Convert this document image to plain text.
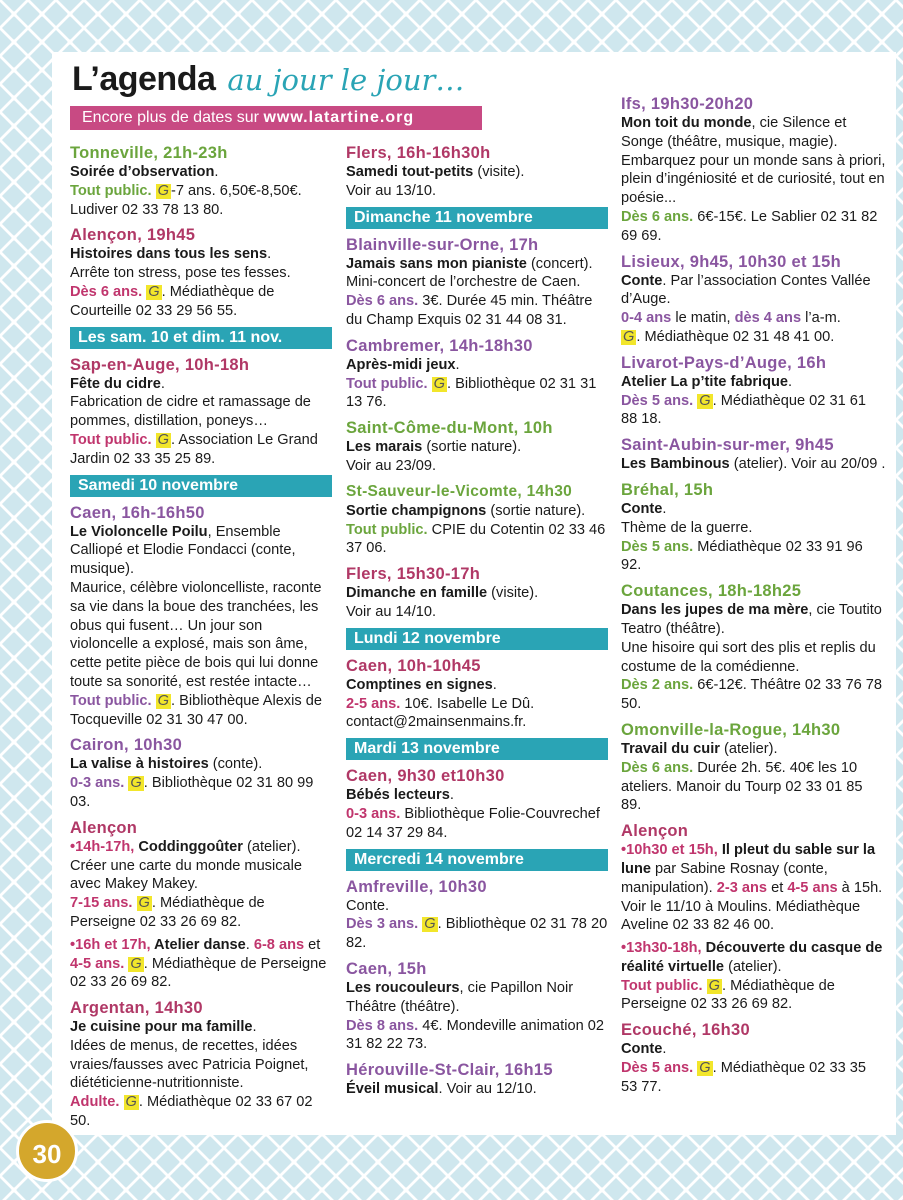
L’agenda au jour le jour…
Encore plus de dates sur www.latartine.org
Tonneville, 21h-23h
Soirée d’observation.
Tout public. G -7 ans. 6,50€-8,50€. Ludiver 02 33 78 13 80.
Alençon, 19h45
Histoires dans tous les sens.
Arrête ton stress, pose tes fesses.
Dès 6 ans. G . Médiathèque de Courteille 02 33 29 56 55.
Les sam. 10 et dim. 11 nov.
Sap-en-Auge, 10h-18h
Fête du cidre.
Fabrication de cidre et ramassage de pommes, distillation, poneys…
Tout public. G . Association Le Grand Jardin 02 33 35 25 89.
Samedi 10 novembre
Caen, 16h-16h50
Le Violoncelle Poilu, Ensemble Calliopé et Elodie Fondacci (conte, musique).
Maurice, célèbre violoncelliste, raconte sa vie dans la boue des tranchées, les obus qui fusent… Un jour son violoncelle a explosé, mais son âme, cette petite pièce de bois qui lui donne toute sa sonorité, est restée intacte…
Tout public. G . Bibliothèque Alexis de Tocqueville 02 31 30 47 00.
Cairon, 10h30
La valise à histoires (conte).
0-3 ans. G . Bibliothèque 02 31 80 99 03.
Alençon
•14h-17h, Coddinggoûter (atelier). Créer une carte du monde musicale avec Makey Makey.
7-15 ans. G . Médiathèque de Perseigne 02 33 26 69 82.
•16h et 17h, Atelier danse. 6-8 ans et 4-5 ans. G . Médiathèque de Perseigne 02 33 26 69 82.
Argentan, 14h30
Je cuisine pour ma famille.
Idées de menus, de recettes, idées vraies/fausses avec Patricia Poignet, diététicienne-nutritionniste.
Adulte. G . Médiathèque 02 33 67 02 50.
Flers, 16h-16h30h
Samedi tout-petits (visite).
Voir au 13/10.
Dimanche 11 novembre
Blainville-sur-Orne, 17h
Jamais sans mon pianiste (concert).
Mini-concert de l’orchestre de Caen.
Dès 6 ans. 3€. Durée 45 min. Théâtre du Champ Exquis 02 31 44 08 31.
Cambremer, 14h-18h30
Après-midi jeux.
Tout public. G . Bibliothèque 02 31 31 13 76.
Saint-Côme-du-Mont, 10h
Les marais (sortie nature).
Voir au 23/09.
St-Sauveur-le-Vicomte, 14h30
Sortie champignons (sortie nature).
Tout public. CPIE du Cotentin 02 33 46 37 06.
Flers, 15h30-17h
Dimanche en famille (visite).
Voir au 14/10.
Lundi 12 novembre
Caen, 10h-10h45
Comptines en signes.
2-5 ans. 10€. Isabelle Le Dû. contact@2mainsenmains.fr.
Mardi 13 novembre
Caen, 9h30 et10h30
Bébés lecteurs.
0-3 ans. Bibliothèque Folie-Couvrechef 02 14 37 29 84.
Mercredi 14 novembre
Amfreville, 10h30
Conte.
Dès 3 ans. G . Bibliothèque 02 31 78 20 82.
Caen, 15h
Les roucouleurs, cie Papillon Noir Théâtre (théâtre).
Dès 8 ans. 4€. Mondeville animation 02 31 82 22 73.
Hérouville-St-Clair, 16h15
Éveil musical. Voir au 12/10.
Ifs, 19h30-20h20
Mon toit du monde, cie Silence et Songe (théâtre, musique, magie). Embarquez pour un monde sans à priori, plein d’ingéniosité et de curiosité, tout en poésie...
Dès 6 ans. 6€-15€. Le Sablier 02 31 82 69 69.
Lisieux, 9h45, 10h30 et 15h
Conte. Par l’association Contes Vallée d’Auge.
0-4 ans le matin, dès 4 ans l’a-m.
G . Médiathèque 02 31 48 41 00.
Livarot-Pays-d’Auge, 16h
Atelier La p’tite fabrique.
Dès 5 ans. G . Médiathèque 02 31 61 88 18.
Saint-Aubin-sur-mer, 9h45
Les Bambinous (atelier). Voir au 20/09 .
Bréhal, 15h
Conte.
Thème de la guerre.
Dès 5 ans. Médiathèque 02 33 91 96 92.
Coutances, 18h-18h25
Dans les jupes de ma mère, cie Toutito Teatro (théâtre).
Une hisoire qui sort des plis et replis du costume de la comédienne.
Dès 2 ans. 6€-12€. Théâtre 02 33 76 78 50.
Omonville-la-Rogue, 14h30
Travail du cuir (atelier).
Dès 6 ans. Durée 2h. 5€. 40€ les 10 ateliers. Manoir du Tourp 02 33 01 85 89.
Alençon
•10h30 et 15h, Il pleut du sable sur la lune par Sabine Rosnay (conte, manipulation). 2-3 ans et 4-5 ans à 15h. Voir le 11/10 à Moulins. Médiathèque Aveline 02 33 82 46 00.
•13h30-18h, Découverte du casque de réalité virtuelle (atelier).
Tout public. G . Médiathèque de Perseigne 02 33 26 69 82.
Ecouché, 16h30
Conte.
Dès 5 ans. G . Médiathèque 02 33 35 53 77.
30
